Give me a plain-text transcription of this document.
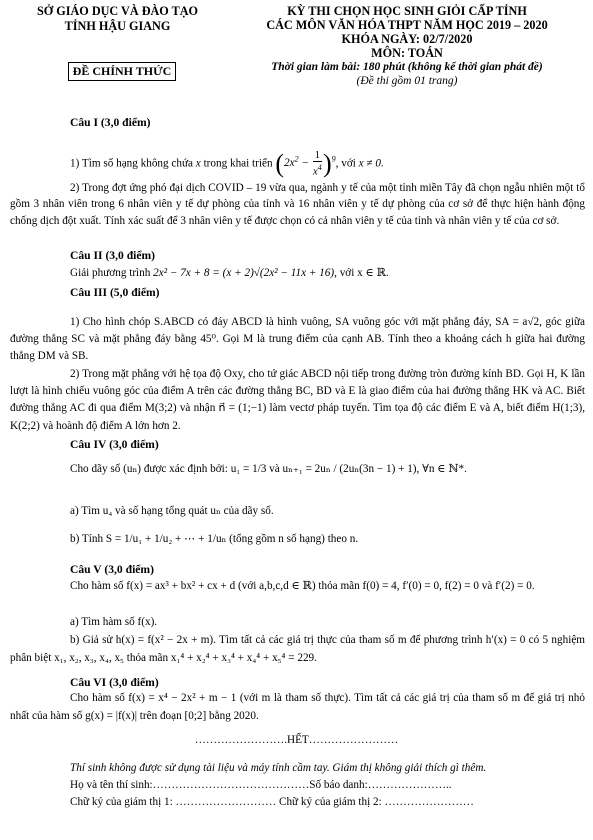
SỞ GIÁO DỤC VÀ ĐÀO TẠO
TỈNH HẬU GIANG
ĐỀ CHÍNH THỨC
KỲ THI CHỌN HỌC SINH GIỎI CẤP TỈNH
CÁC MÔN VĂN HÓA THPT NĂM HỌC 2019 – 2020
KHÓA NGÀY: 02/7/2020
MÔN: TOÁN
Thời gian làm bài: 180 phút (không kể thời gian phát đề)
(Đề thi gồm 01 trang)
Câu I (3,0 điểm)
1) Tìm số hạng không chứa x trong khai triển $(2x^2 - \frac{1}{x^4} )^9$, với x ≠ 0.
2) Trong đợt ứng phó đại dịch COVID – 19 vừa qua, ngành y tế của một tỉnh miền Tây đã chọn ngẫu nhiên một tổ gồm 3 nhân viên trong 6 nhân viên y tế dự phòng của tỉnh và 16 nhân viên y tế dự phòng của cơ sở để thực hiện hành động chống dịch đột xuất. Tính xác suất để 3 nhân viên y tế được chọn có cả nhân viên y tế của tỉnh và nhân viên y tế của cơ sở.
Câu II (3,0 điểm)
Giải phương trình 2x² − 7x + 8 = (x + 2)√(2x² − 11x + 16), với x ∈ ℝ.
Câu III (5,0 điểm)
1) Cho hình chóp S.ABCD có đáy ABCD là hình vuông, SA vuông góc với mặt phẳng đáy, SA = a√2, góc giữa đường thẳng SC và mặt phẳng đáy bằng 45⁰. Gọi M là trung điểm của cạnh AB. Tính theo a khoảng cách h giữa hai đường thẳng DM và SB.
2) Trong mặt phẳng với hệ tọa độ Oxy, cho tứ giác ABCD nội tiếp trong đường tròn đường kính BD. Gọi H, K lần lượt là hình chiếu vuông góc của điểm A trên các đường thẳng BC, BD và E là giao điểm của hai đường thẳng HK và AC. Biết đường thẳng AC đi qua điểm M(3;2) và nhận n⃗ = (1;−1) làm vectơ pháp tuyến. Tìm tọa độ các điểm E và A, biết điểm H(1;3), K(2;2) và hoành độ điểm A lớn hơn 2.
Câu IV (3,0 điểm)
Cho dãy số (uₙ) được xác định bởi: u₁ = 1/3 và uₙ₊₁ = 2uₙ / (2uₙ(3n − 1) + 1), ∀n ∈ ℕ*.
a) Tìm u₄ và số hạng tổng quát uₙ của dãy số.
b) Tính S = 1/u₁ + 1/u₂ + ⋯ + 1/uₙ (tổng gồm n số hạng) theo n.
Câu V (3,0 điểm)
Cho hàm số f(x) = ax³ + bx² + cx + d (với a,b,c,d ∈ ℝ) thỏa mãn f(0) = 4, f′(0) = 0, f(2) = 0 và f′(2) = 0.
a) Tìm hàm số f(x).
b) Giả sử h(x) = f(x² − 2x + m). Tìm tất cả các giá trị thực của tham số m để phương trình h′(x) = 0 có 5 nghiệm phân biệt x₁, x₂, x₃, x₄, x₅ thỏa mãn x₁⁴ + x₂⁴ + x₃⁴ + x₄⁴ + x₅⁴ = 229.
Câu VI (3,0 điểm)
Cho hàm số f(x) = x⁴ − 2x² + m − 1 (với m là tham số thực). Tìm tất cả các giá trị của tham số m để giá trị nhỏ nhất của hàm số g(x) = |f(x)| trên đoạn [0;2] bằng 2020.
…………………….HẾT……………………
Thí sinh không được sử dụng tài liệu và máy tính cầm tay. Giám thị không giải thích gì thêm.
Họ và tên thí sinh:……………………………………Số báo danh:…………………..
Chữ ký của giám thị 1: ……………………… Chữ ký của giám thị 2: ……………………
